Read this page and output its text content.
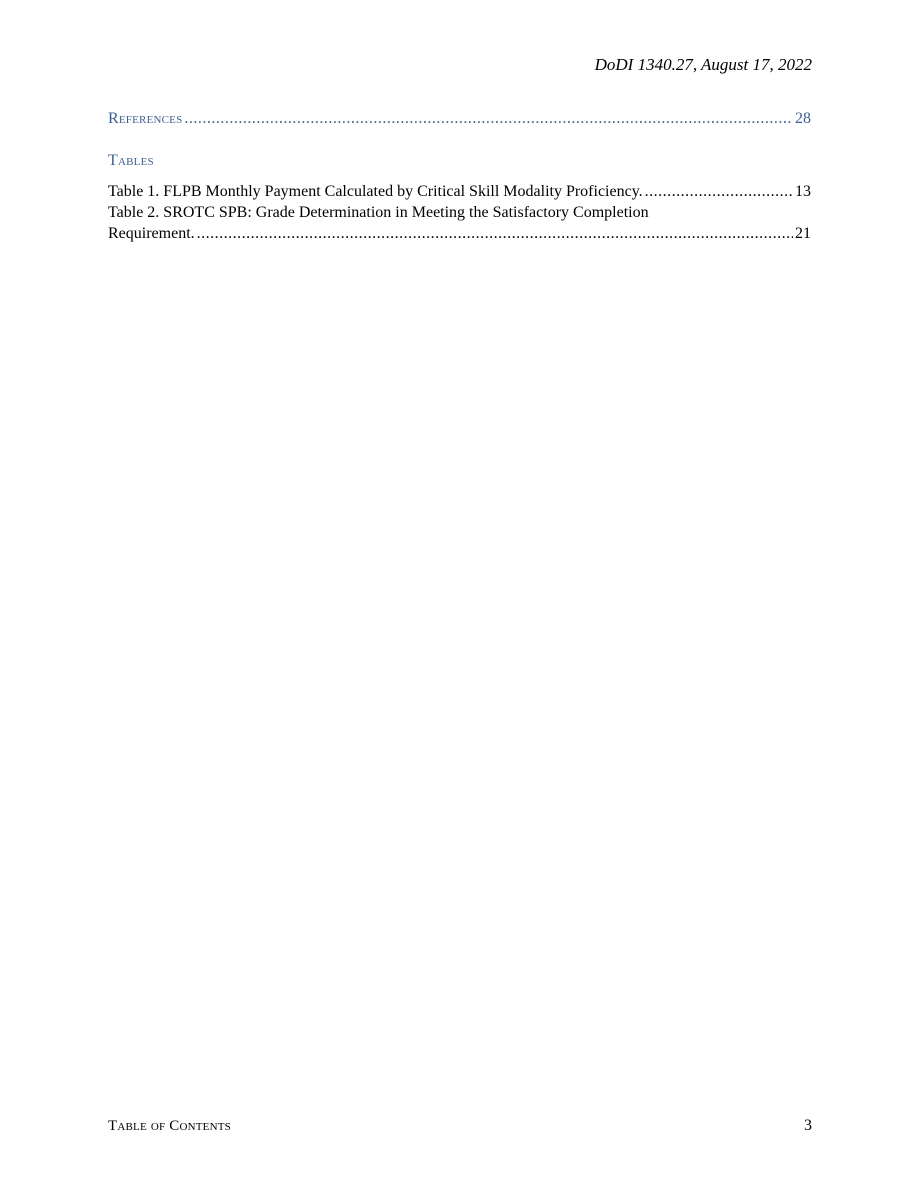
DoDI 1340.27, August 17, 2022
References .....	28
Tables
Table 1. FLPB Monthly Payment Calculated by Critical Skill Modality Proficiency. .....	13
Table 2. SROTC SPB: Grade Determination in Meeting the Satisfactory Completion
Requirement. .....	21
Table of Contents	3
